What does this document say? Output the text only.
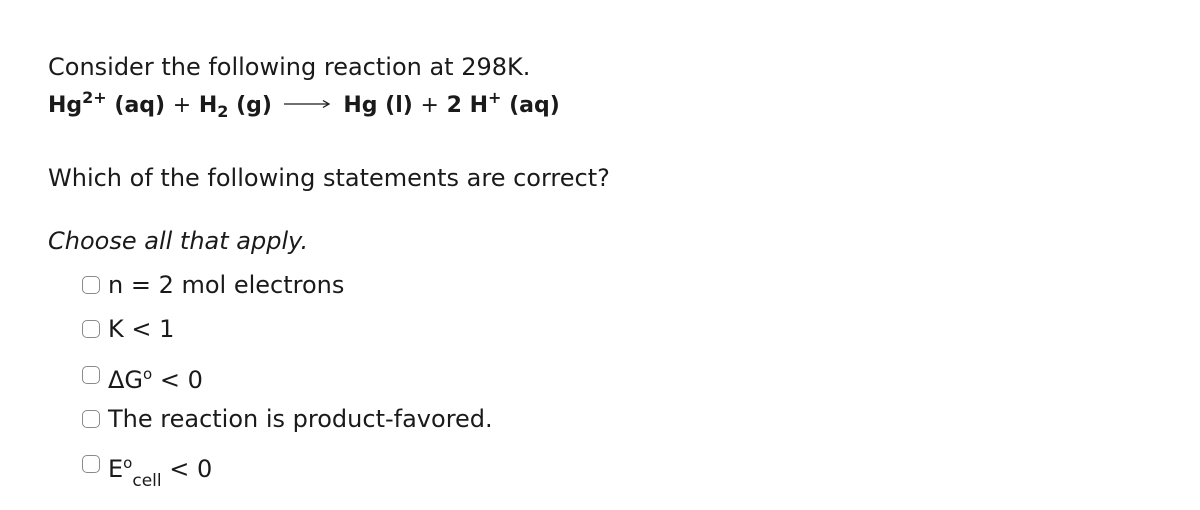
Consider the following reaction at 298K.
$Hg^{2+}$ $(aq) + H_2$ (g) → Hg (l) + 2 H+ (aq)
Which of the following statements are correct?
Choose all that apply.
n = 2 mol electrons
K < 1
$\Delta G^o < 0$
The reaction is product-favored.
$E^o_{cell} < 0$
